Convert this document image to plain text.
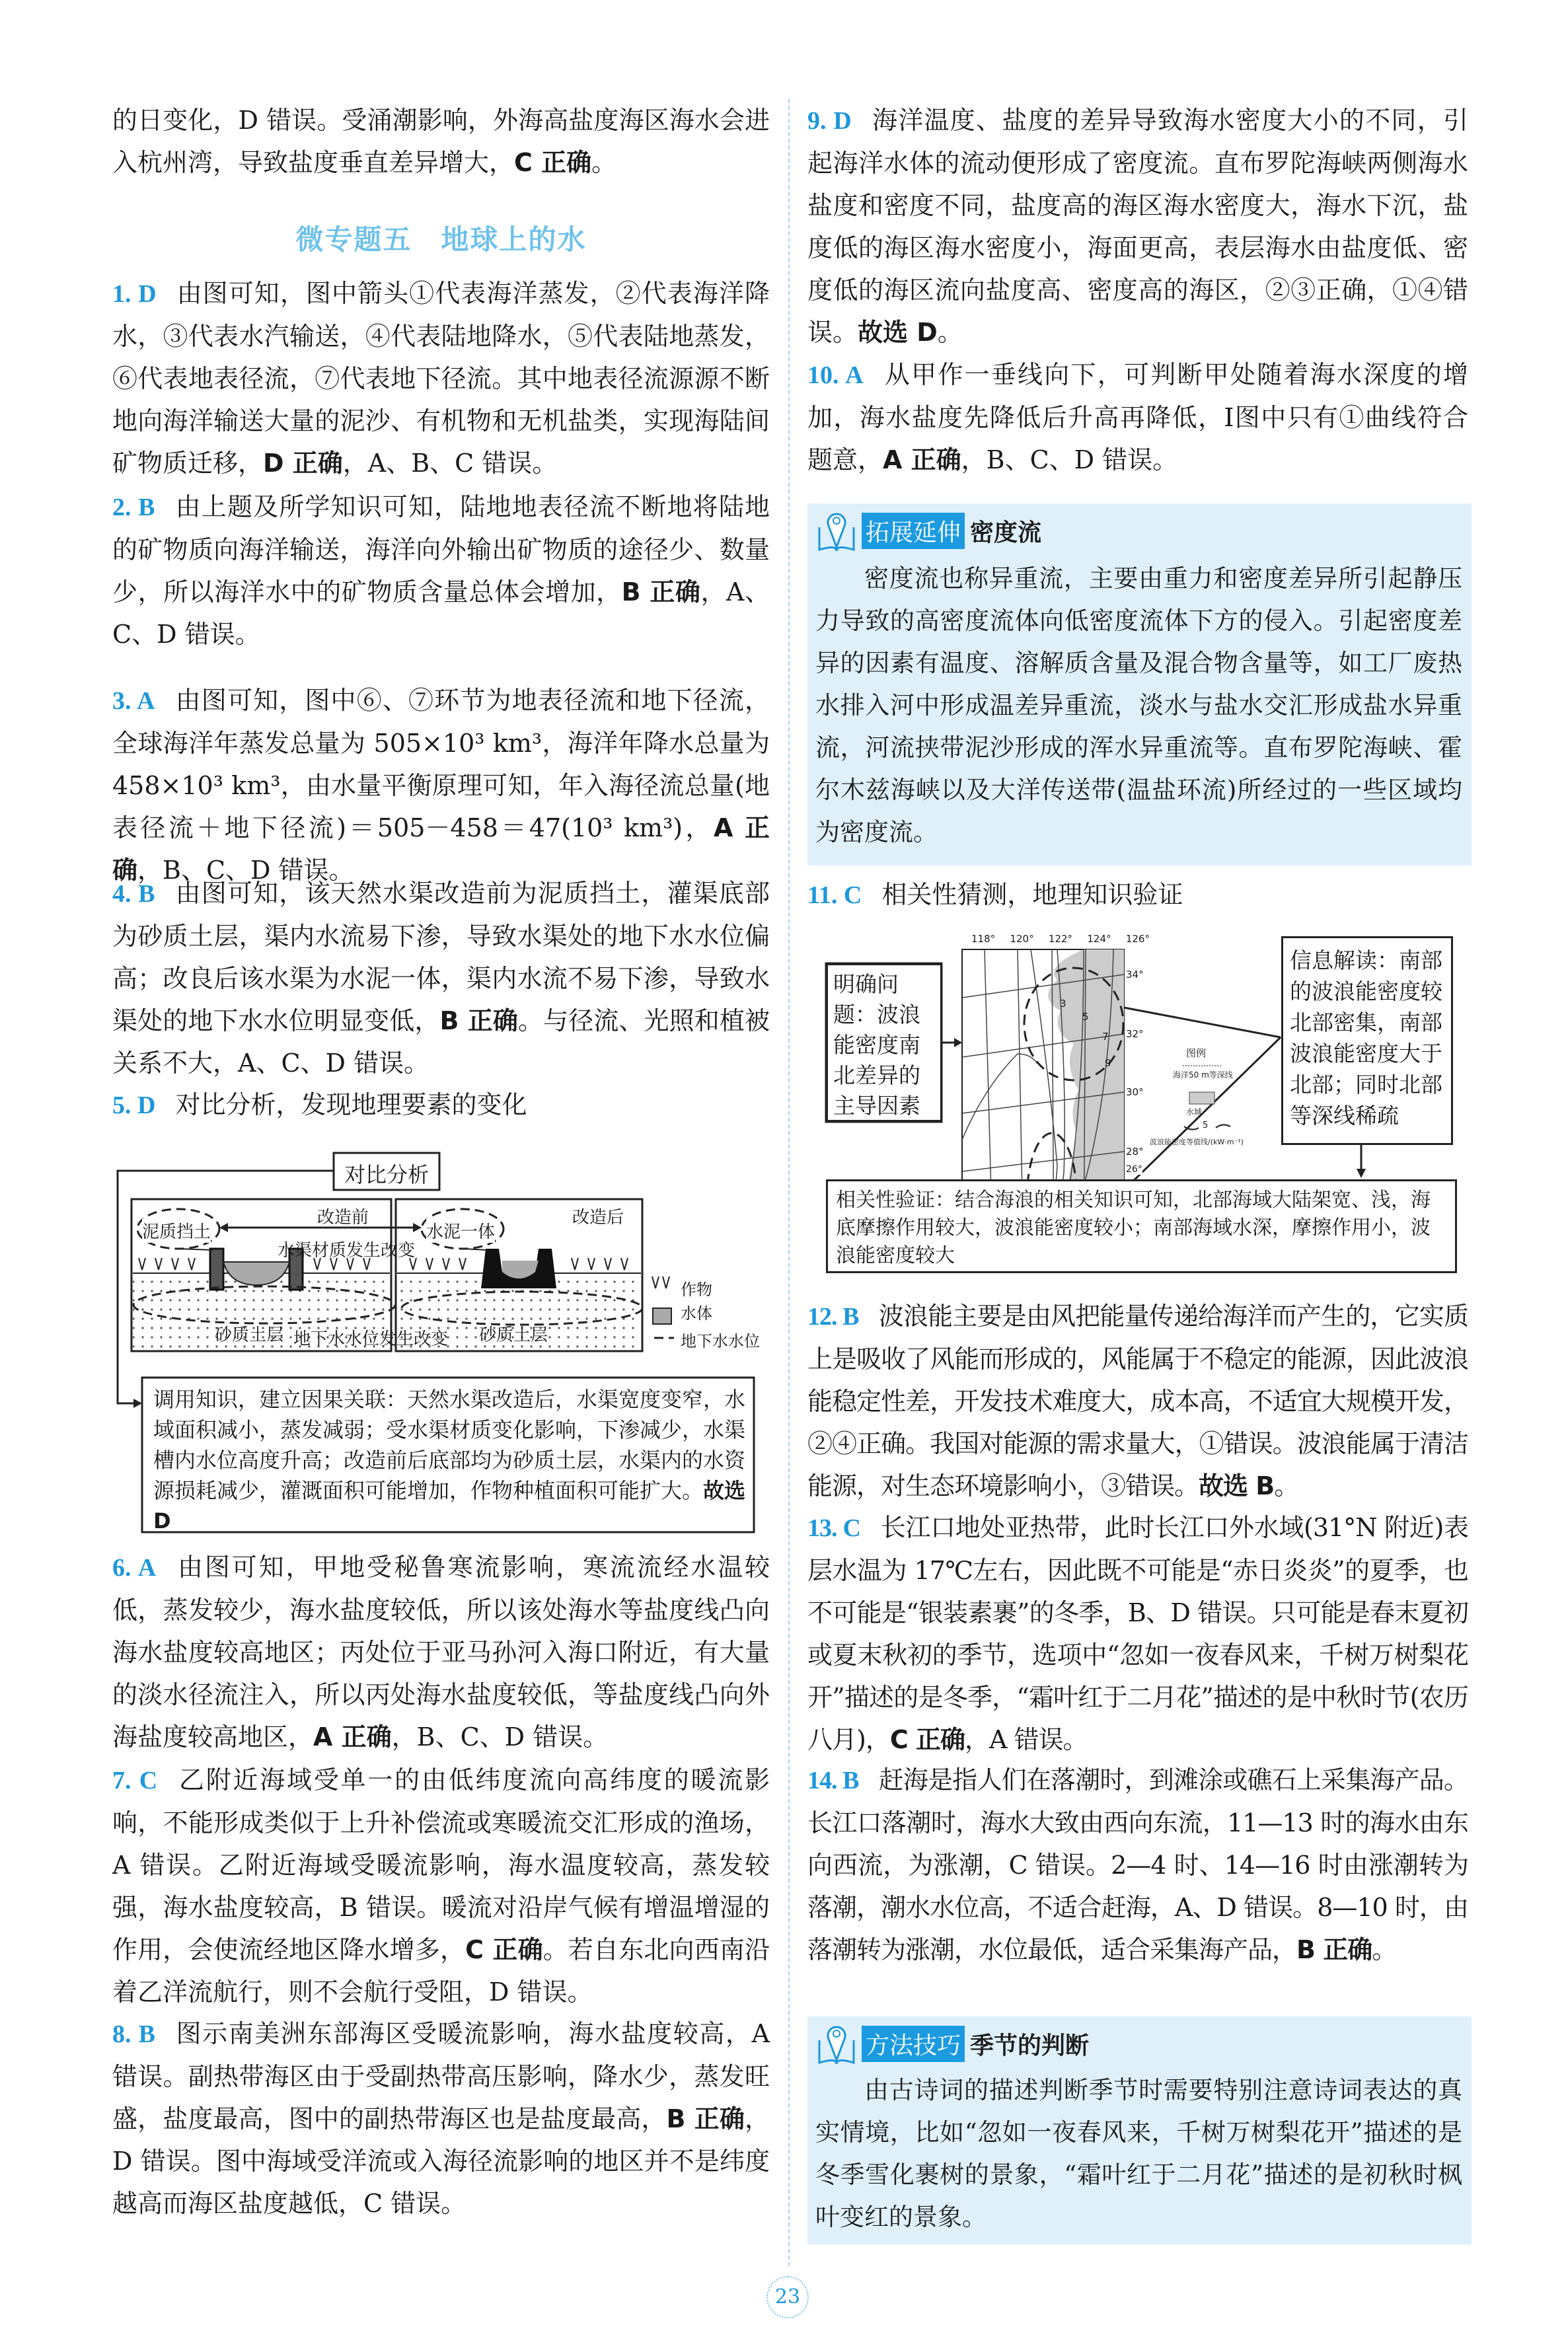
的日变化，D 错误。受涌潮影响，外海高盐度海区海水会进入杭州湾，导致盐度垂直差异增大，C 正确。

微专题五　地球上的水

1. D 由图可知，图中箭头①代表海洋蒸发，②代表海洋降水，③代表水汽输送，④代表陆地降水，⑤代表陆地蒸发，⑥代表地表径流，⑦代表地下径流。其中地表径流源源不断地向海洋输送大量的泥沙、有机物和无机盐类，实现海陆间矿物质迁移，D 正确，A、B、C 错误。

2. B 由上题及所学知识可知，陆地地表径流不断地将陆地的矿物质向海洋输送，海洋向外输出矿物质的途径少、数量少，所以海洋水中的矿物质含量总体会增加，B 正确，A、C、D 错误。

3. A 由图可知，图中⑥、⑦环节为地表径流和地下径流，全球海洋年蒸发总量为 505×10³ km³，海洋年降水总量为 458×10³ km³，由水量平衡原理可知，年入海径流总量(地表径流＋地下径流)＝505－458＝47(10³ km³)，A 正确，B、C、D 错误。

4. B 由图可知，该天然水渠改造前为泥质挡土，灌渠底部为砂质土层，渠内水流易下渗，导致水渠处的地下水水位偏高；改良后该水渠为水泥一体，渠内水流不易下渗，导致水渠处的地下水水位明显变低，B 正确。与径流、光照和植被关系不大，A、C、D 错误。

5. D 对比分析，发现地理要素的变化

对比分析
改造前	改造后
泥质挡土	水泥一体
水渠材质发生改变
砂质土层 地下水水位发生改变 砂质土层
作物
水体
地下水水位
调用知识，建立因果关联：天然水渠改造后，水渠宽度变窄，水域面积减小，蒸发减弱；受水渠材质变化影响，下渗减少，水渠槽内水位高度升高；改造前后底部均为砂质土层，水渠内的水资源损耗减少，灌溉面积可能增加，作物种植面积可能扩大。故选D

6. A 由图可知，甲地受秘鲁寒流影响，寒流流经水温较低，蒸发较少，海水盐度较低，所以该处海水等盐度线凸向海水盐度较高地区；丙处位于亚马孙河入海口附近，有大量的淡水径流注入，所以丙处海水盐度较低，等盐度线凸向外海盐度较高地区，A 正确，B、C、D 错误。

7. C 乙附近海域受单一的由低纬度流向高纬度的暖流影响，不能形成类似于上升补偿流或寒暖流交汇形成的渔场，A 错误。乙附近海域受暖流影响，海水温度较高，蒸发较强，海水盐度较高，B 错误。暖流对沿岸气候有增温增湿的作用，会使流经地区降水增多，C 正确。若自东北向西南沿着乙洋流航行，则不会航行受阻，D 错误。

8. B 图示南美洲东部海区受暖流影响，海水盐度较高，A 错误。副热带海区由于受副热带高压影响，降水少，蒸发旺盛，盐度最高，图中的副热带海区也是盐度最高，B 正确，D 错误。图中海域受洋流或入海径流影响的地区并不是纬度越高而海区盐度越低，C 错误。

9. D 海洋温度、盐度的差异导致海水密度大小的不同，引起海洋水体的流动便形成了密度流。直布罗陀海峡两侧海水盐度和密度不同，盐度高的海区海水密度大，海水下沉，盐度低的海区海水密度小，海面更高，表层海水由盐度低、密度低的海区流向盐度高、密度高的海区，②③正确，①④错误。故选 D。

10. A 从甲作一垂线向下，可判断甲处随着海水深度的增加，海水盐度先降低后升高再降低，Ⅰ图中只有①曲线符合题意，A 正确，B、C、D 错误。

拓展延伸 密度流
密度流也称异重流，主要由重力和密度差异所引起静压力导致的高密度流体向低密度流体下方的侵入。引起密度差异的因素有温度、溶解质含量及混合物含量等，如工厂废热水排入河中形成温差异重流，淡水与盐水交汇形成盐水异重流，河流挟带泥沙形成的浑水异重流等。直布罗陀海峡、霍尔木兹海峡以及大洋传送带(温盐环流)所经过的一些区域均为密度流。

11. C 相关性猜测，地理知识验证

明确问题：波浪能密度南北差异的主导因素
信息解读：南部的波浪能密度较北部密集，南部波浪能密度大于北部；同时北部等深线稀疏
相关性验证：结合海浪的相关知识可知，北部海域大陆架宽、浅，海底摩擦作用较大，波浪能密度较小；南部海域水深，摩擦作用小，波浪能密度较大
118° 120° 122° 124° 126°
34°
32°
30°
28°
3
5
7
9
26°
图例
海洋50 m等深线
水域
5
波浪能密度等值线/(kW·m⁻¹)

12. B 波浪能主要是由风把能量传递给海洋而产生的，它实质上是吸收了风能而形成的，风能属于不稳定的能源，因此波浪能稳定性差，开发技术难度大，成本高，不适宜大规模开发，②④正确。我国对能源的需求量大，①错误。波浪能属于清洁能源，对生态环境影响小，③错误。故选 B。

13. C 长江口地处亚热带，此时长江口外水域(31°N 附近)表层水温为 17℃左右，因此既不可能是“赤日炎炎”的夏季，也不可能是“银装素裹”的冬季，B、D 错误。只可能是春末夏初或夏末秋初的季节，选项中“忽如一夜春风来，千树万树梨花开”描述的是冬季，“霜叶红于二月花”描述的是中秋时节(农历八月)，C 正确，A 错误。

14. B 赶海是指人们在落潮时，到滩涂或礁石上采集海产品。长江口落潮时，海水大致由西向东流，11—13 时的海水由东向西流，为涨潮，C 错误。2—4 时、14—16 时由涨潮转为落潮，潮水水位高，不适合赶海，A、D 错误。8—10 时，由落潮转为涨潮，水位最低，适合采集海产品，B 正确。

方法技巧 季节的判断
由古诗词的描述判断季节时需要特别注意诗词表达的真实情境，比如“忽如一夜春风来，千树万树梨花开”描述的是冬季雪化裹树的景象，“霜叶红于二月花”描述的是初秋时枫叶变红的景象。
23
